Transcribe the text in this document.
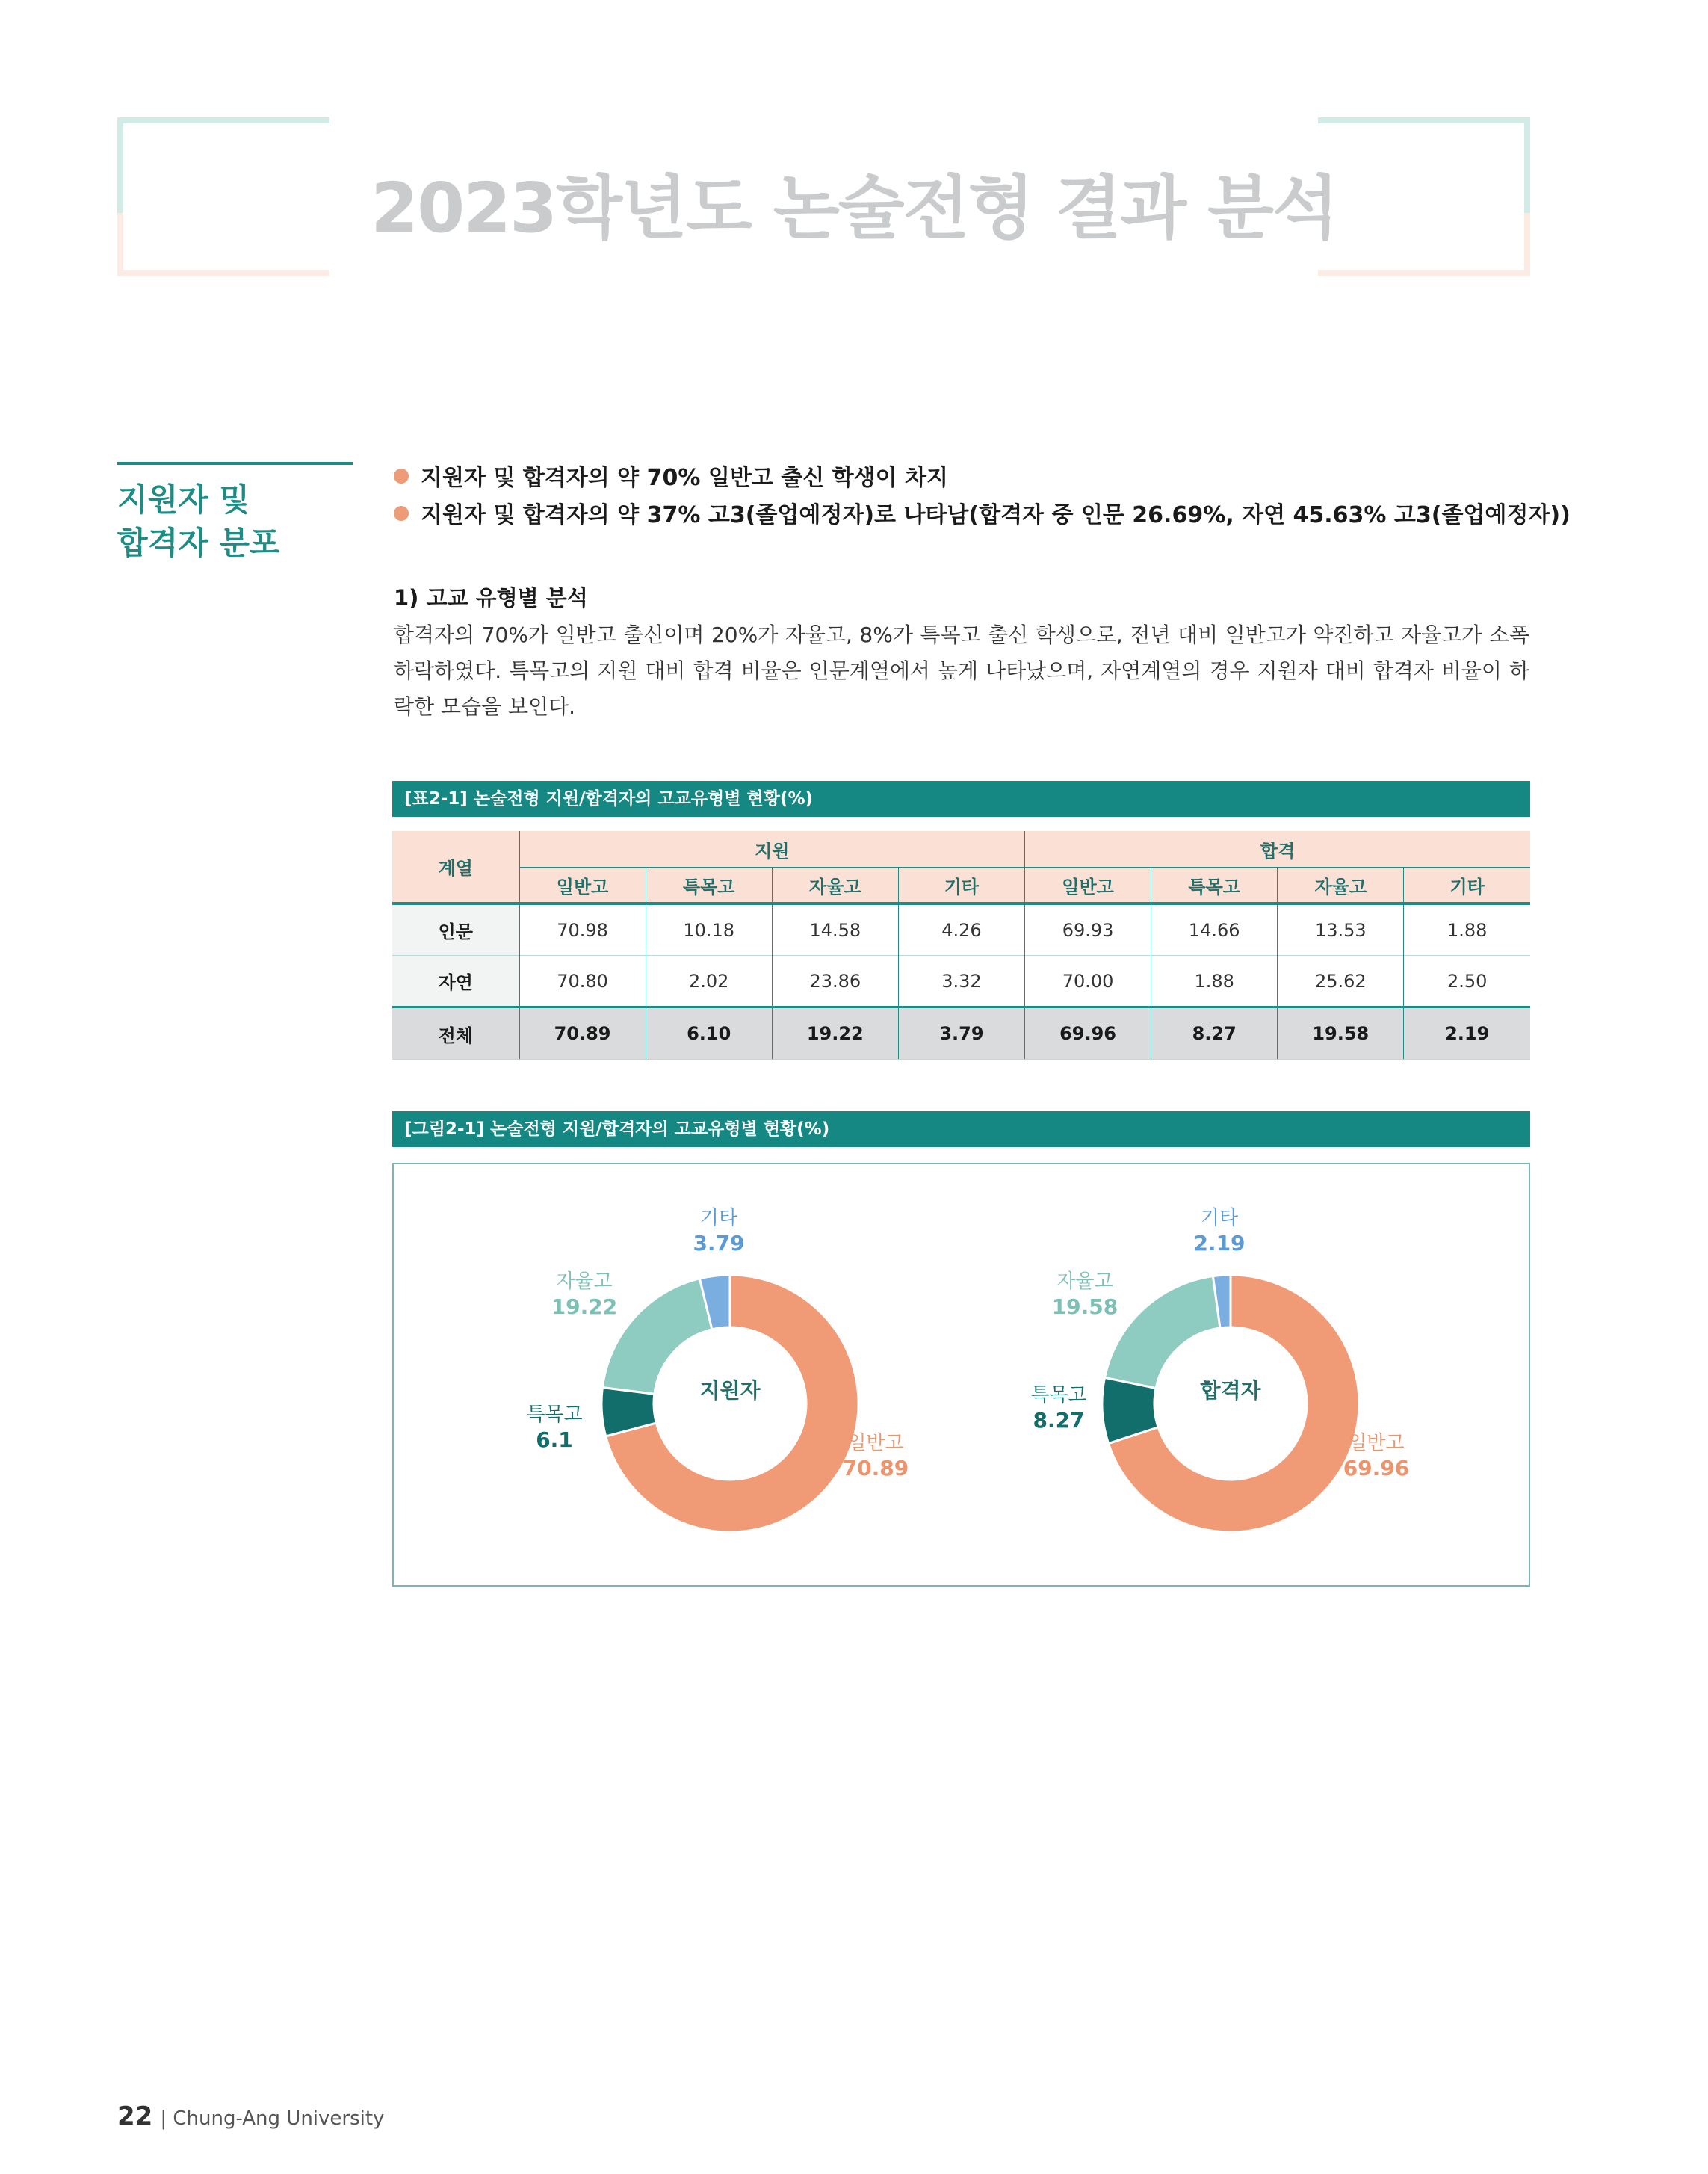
2023학년도 논술전형 결과 분석
지원자 및
합격자 분포
지원자 및 합격자의 약 70% 일반고 출신 학생이 차지
지원자 및 합격자의 약 37% 고3(졸업예정자)로 나타남(합격자 중 인문 26.69%, 자연 45.63% 고3(졸업예정자))
1) 고교 유형별 분석
합격자의 70%가 일반고 출신이며 20%가 자율고, 8%가 특목고 출신 학생으로, 전년 대비 일반고가 약진하고 자율고가 소폭 하락하였다. 특목고의 지원 대비 합격 비율은 인문계열에서 높게 나타났으며, 자연계열의 경우 지원자 대비 합격자 비율이 하락한 모습을 보인다.
[표2-1] 논술전형 지원/합격자의 고교유형별 현황(%)
계열	지원				합격			
	일반고	특목고	자율고	기타	일반고	특목고	자율고	기타
인문	70.98	10.18	14.58	4.26	69.93	14.66	13.53	1.88
자연	70.80	2.02	23.86	3.32	70.00	1.88	25.62	2.50
전체	70.89	6.10	19.22	3.79	69.96	8.27	19.58	2.19
[그림2-1] 논술전형 지원/합격자의 고교유형별 현황(%)
기타
3.79
자율고
19.22
특목고
6.1	일반고
70.89
지원자
기타
2.19
자율고
19.58
특목고
8.27
일반고
69.96
합격자
22 | Chung-Ang University
